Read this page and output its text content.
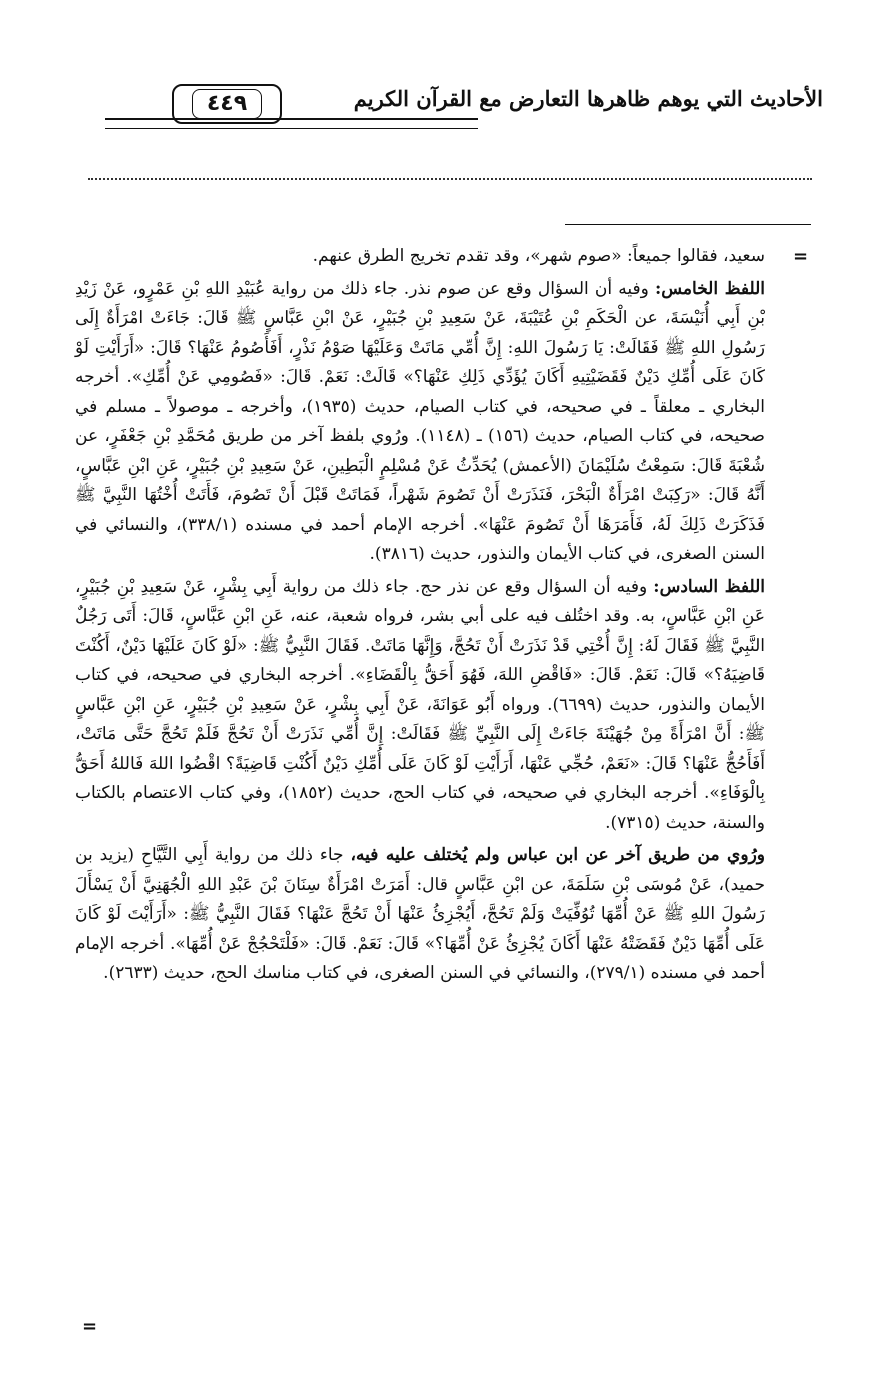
الأحاديث التي يوهم ظاهرها التعارض مع القرآن الكريم
٤٤٩
=
=

سعيد، فقالوا جميعاً: «صوم شهر»، وقد تقدم تخريج الطرق عنهم.

اللفظ الخامس: وفيه أن السؤال وقع عن صوم نذر. جاء ذلك من رواية عُبَيْدِ اللهِ بْنِ عَمْرٍو، عَنْ زَيْدِ بْنِ أَبِي أُنَيْسَةَ، عن الْحَكَمِ بْنِ عُتَيْبَةَ، عَنْ سَعِيدِ بْنِ جُبَيْرٍ، عَنْ ابْنِ عَبَّاسٍ ﷺ قَالَ: جَاءَتْ امْرَأَةٌ إِلَى رَسُولِ اللهِ ﷺ فَقَالَتْ: يَا رَسُولَ اللهِ: إِنَّ أُمِّي مَاتَتْ وَعَلَيْهَا صَوْمُ نَذْرٍ، أَفَأَصُومُ عَنْهَا؟ قَالَ: «أَرَأَيْتِ لَوْ كَانَ عَلَى أُمِّكِ دَيْنٌ فَقَضَيْتِيهِ أَكَانَ يُؤَدِّي ذَلِكِ عَنْهَا؟» قَالَتْ: نَعَمْ. قَالَ: «فَصُومِي عَنْ أُمِّكِ». أخرجه البخاري ـ معلقاً ـ في صحيحه، في كتاب الصيام، حديث (١٩٣٥)، وأخرجه ـ موصولاً ـ مسلم في صحيحه، في كتاب الصيام، حديث (١٥٦) ـ (١١٤٨). ورُوي بلفظ آخر من طريق مُحَمَّدِ بْنِ جَعْفَرٍ، عن شُعْبَةَ قَالَ: سَمِعْتُ سُلَيْمَانَ (الأعمش) يُحَدِّثُ عَنْ مُسْلِمٍ الْبَطِينِ، عَنْ سَعِيدِ بْنِ جُبَيْرٍ، عَنِ ابْنِ عَبَّاسٍ، أَنَّهُ قَالَ: «رَكِبَتْ امْرَأَةٌ الْبَحْرَ، فَنَذَرَتْ أَنْ تَصُومَ شَهْراً، فَمَاتَتْ قَبْلَ أَنْ تَصُومَ، فَأَتَتْ أُخْتُهَا النَّبِيَّ ﷺ فَذَكَرَتْ ذَلِكَ لَهُ، فَأَمَرَهَا أَنْ تَصُومَ عَنْهَا». أخرجه الإمام أحمد في مسنده (٣٣٨/١)، والنسائي في السنن الصغرى، في كتاب الأيمان والنذور، حديث (٣٨١٦).

اللفظ السادس: وفيه أن السؤال وقع عن نذر حج. جاء ذلك من رواية أَبِي بِشْرٍ، عَنْ سَعِيدِ بْنِ جُبَيْرٍ، عَنِ ابْنِ عَبَّاسٍ، به. وقد اختُلف فيه على أبي بشر، فرواه شعبة، عنه، عَنِ ابْنِ عَبَّاسٍ، قَالَ: أَتَى رَجُلٌ النَّبِيَّ ﷺ فَقَالَ لَهُ: إِنَّ أُخْتِي قَدْ نَذَرَتْ أَنْ تَحُجَّ، وَإِنَّهَا مَاتَتْ. فَقَالَ النَّبِيُّ ﷺ: «لَوْ كَانَ عَلَيْهَا دَيْنٌ، أَكُنْتَ قَاضِيَهُ؟» قَالَ: نَعَمْ. قَالَ: «فَاقْضِ اللهَ، فَهُوَ أَحَقُّ بِالْقَضَاءِ». أخرجه البخاري في صحيحه، في كتاب الأيمان والنذور، حديث (٦٦٩٩). ورواه أَبُو عَوَانَةَ، عَنْ أَبِي بِشْرٍ، عَنْ سَعِيدِ بْنِ جُبَيْرٍ، عَنِ ابْنِ عَبَّاسٍ ﷺ: أَنَّ امْرَأَةً مِنْ جُهَيْنَةَ جَاءَتْ إِلَى النَّبِيِّ ﷺ فَقَالَتْ: إِنَّ أُمِّي نَذَرَتْ أَنْ تَحُجَّ فَلَمْ تَحُجَّ حَتَّى مَاتَتْ، أَفَأَحُجُّ عَنْهَا؟ قَالَ: «نَعَمْ، حُجِّي عَنْهَا، أَرَأَيْتِ لَوْ كَانَ عَلَى أُمِّكِ دَيْنٌ أَكُنْتِ قَاضِيَةً؟ اقْضُوا اللهَ فَاللهُ أَحَقُّ بِالْوَفَاءِ». أخرجه البخاري في صحيحه، في كتاب الحج، حديث (١٨٥٢)، وفي كتاب الاعتصام بالكتاب والسنة، حديث (٧٣١٥).

ورُوي من طريق آخر عن ابن عباس ولم يُختلف عليه فيه، جاء ذلك من رواية أَبِي التَّيَّاحِ (يزيد بن حميد)، عَنْ مُوسَى بْنِ سَلَمَةَ، عن ابْنِ عَبَّاسٍ قال: أَمَرَتْ امْرَأَةٌ سِنَانَ بْنَ عَبْدِ اللهِ الْجُهَنِيَّ أَنْ يَسْأَلَ رَسُولَ اللهِ ﷺ عَنْ أُمِّهَا تُوُفِّيَتْ وَلَمْ تَحُجَّ، أَيُجْزِئُ عَنْهَا أَنْ تَحُجَّ عَنْهَا؟ فَقَالَ النَّبِيُّ ﷺ: «أَرَأَيْتَ لَوْ كَانَ عَلَى أُمِّهَا دَيْنٌ فَقَضَتْهُ عَنْهَا أَكَانَ يُجْزِئُ عَنْ أُمِّهَا؟» قَالَ: نَعَمْ. قَالَ: «فَلْتَحْجُجْ عَنْ أُمِّهَا». أخرجه الإمام أحمد في مسنده (٢٧٩/١)، والنسائي في السنن الصغرى، في كتاب مناسك الحج، حديث (٢٦٣٣).
